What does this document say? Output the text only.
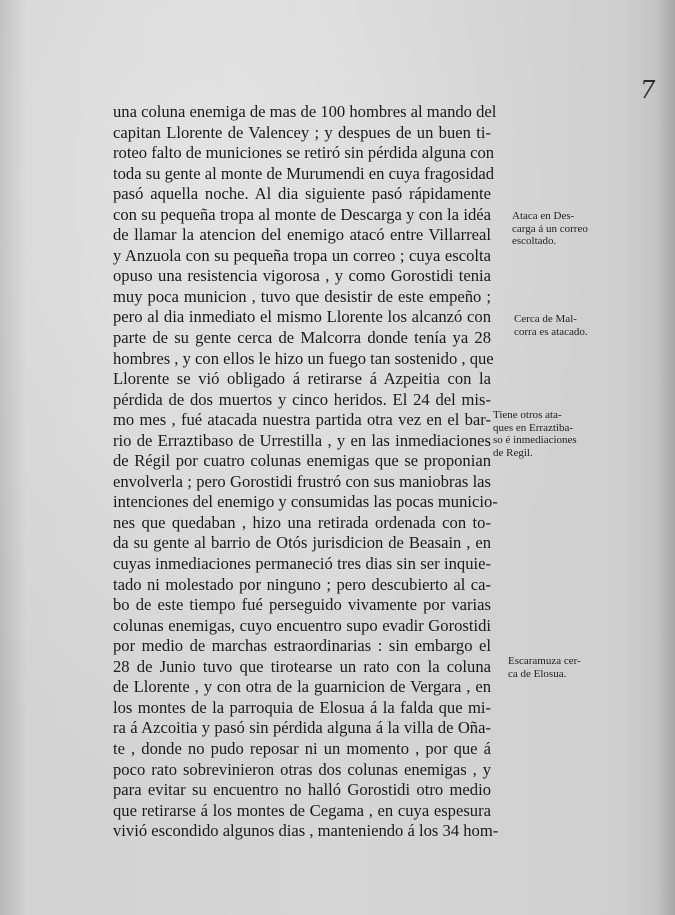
7
una coluna enemiga de mas de 100 hombres al mando del
capitan Llorente de Valencey ; y despues de un buen ti-
roteo falto de municiones se retiró sin pérdida alguna con
toda su gente al monte de Murumendi en cuya fragosidad
pasó aquella noche. Al dia siguiente pasó rápidamente
con su pequeña tropa al monte de Descarga y con la idéa
de llamar la atencion del enemigo atacó entre Villarreal
y Anzuola con su pequeña tropa un correo ; cuya escolta
opuso una resistencia vigorosa , y como Gorostidi tenia
muy poca municion , tuvo que desistir de este empeño ;
pero al dia inmediato el mismo Llorente los alcanzó con
parte de su gente cerca de Malcorra donde tenía ya 28
hombres , y con ellos le hizo un fuego tan sostenido , que
Llorente se vió obligado á retirarse á Azpeitia con la
pérdida de dos muertos y cinco heridos. El 24 del mis-
mo mes , fué atacada nuestra partida otra vez en el bar-
rio de Erraztibaso de Urrestilla , y en las inmediaciones
de Régil por cuatro colunas enemigas que se proponian
envolverla ; pero Gorostidi frustró con sus maniobras las
intenciones del enemigo y consumidas las pocas municio-
nes que quedaban , hizo una retirada ordenada con to-
da su gente al barrio de Otós jurisdicion de Beasain , en
cuyas inmediaciones permaneció tres dias sin ser inquie-
tado ni molestado por ninguno ; pero descubierto al ca-
bo de este tiempo fué perseguido vivamente por varias
colunas enemigas, cuyo encuentro supo evadir Gorostidi
por medio de marchas estraordinarias : sin embargo el
28 de Junio tuvo que tirotearse un rato con la coluna
de Llorente , y con otra de la guarnicion de Vergara , en
los montes de la parroquia de Elosua á la falda que mi-
ra á Azcoitia y pasó sin pérdida alguna á la villa de Oña-
te , donde no pudo reposar ni un momento , por que á
poco rato sobrevinieron otras dos colunas enemigas , y
para evitar su encuentro no halló Gorostidi otro medio
que retirarse á los montes de Cegama , en cuya espesura
vivió escondido algunos dias , manteniendo á los 34 hom-
Ataca en Des-
carga á un correo
escoltado.
Cerca de Mal-
corra es atacado.
Tiene otros ata-
ques en Erraztiba-
so é inmediaciones
de Regil.
Escaramuza cer-
ca de Elosua.
